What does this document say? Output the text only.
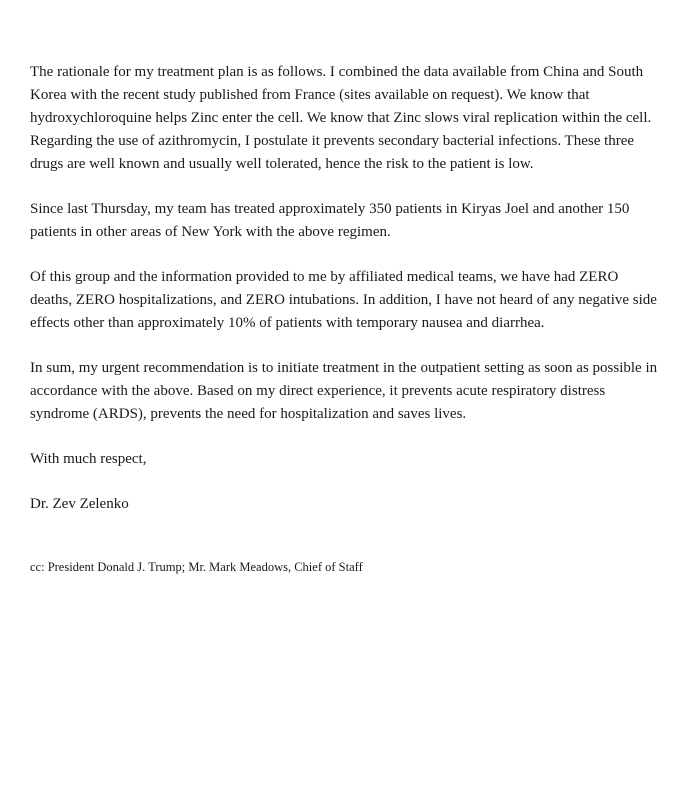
The rationale for my treatment plan is as follows. I combined the data available from China and South Korea with the recent study published from France (sites available on request). We know that hydroxychloroquine helps Zinc enter the cell. We know that Zinc slows viral replication within the cell. Regarding the use of azithromycin, I postulate it prevents secondary bacterial infections. These three drugs are well known and usually well tolerated, hence the risk to the patient is low.

Since last Thursday, my team has treated approximately 350 patients in Kiryas Joel and another 150 patients in other areas of New York with the above regimen.

Of this group and the information provided to me by affiliated medical teams, we have had ZERO deaths, ZERO hospitalizations, and ZERO intubations. In addition, I have not heard of any negative side effects other than approximately 10% of patients with temporary nausea and diarrhea.

In sum, my urgent recommendation is to initiate treatment in the outpatient setting as soon as possible in accordance with the above. Based on my direct experience, it prevents acute respiratory distress syndrome (ARDS), prevents the need for hospitalization and saves lives.

With much respect,

Dr. Zev Zelenko

cc: President Donald J. Trump; Mr. Mark Meadows, Chief of Staff
